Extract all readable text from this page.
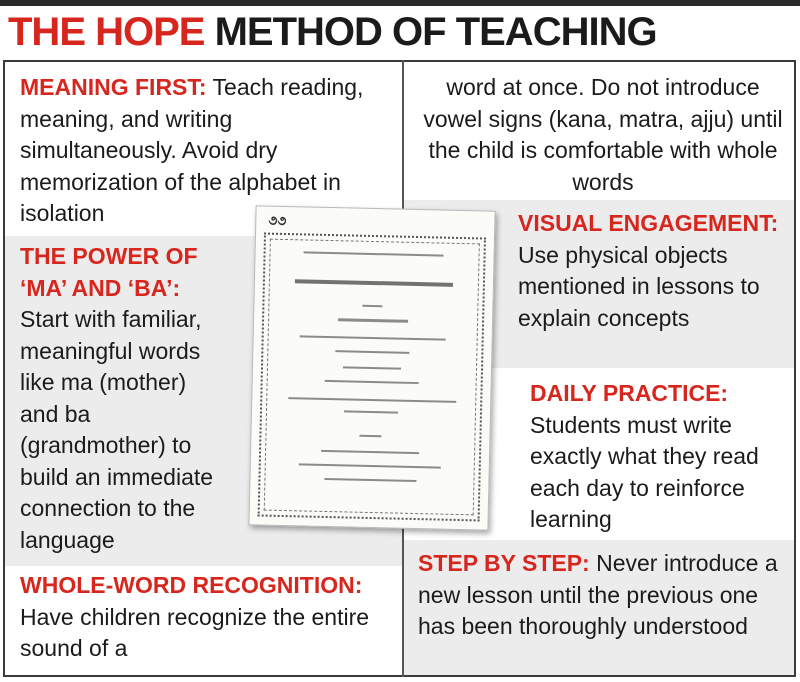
THE HOPE METHOD OF TEACHING
MEANING FIRST: Teach reading, meaning, and writing simultaneously. Avoid dry memorization of the alphabet in isolation
THE POWER OF ‘MA’ AND ‘BA’:
Start with familiar, meaningful words like ma (mother) and ba (grandmother) to build an immediate connection to the language
WHOLE-WORD RECOGNITION: Have children recognize the entire sound of a
word at once. Do not introduce vowel signs (kana, matra, ajju) until the child is comfortable with whole words
VISUAL ENGAGEMENT: Use physical objects mentioned in lessons to explain concepts
DAILY PRACTICE:
Students must write exactly what they read each day to reinforce learning
STEP BY STEP: Never introduce a new lesson until the previous one has been thoroughly understood
૭૭
